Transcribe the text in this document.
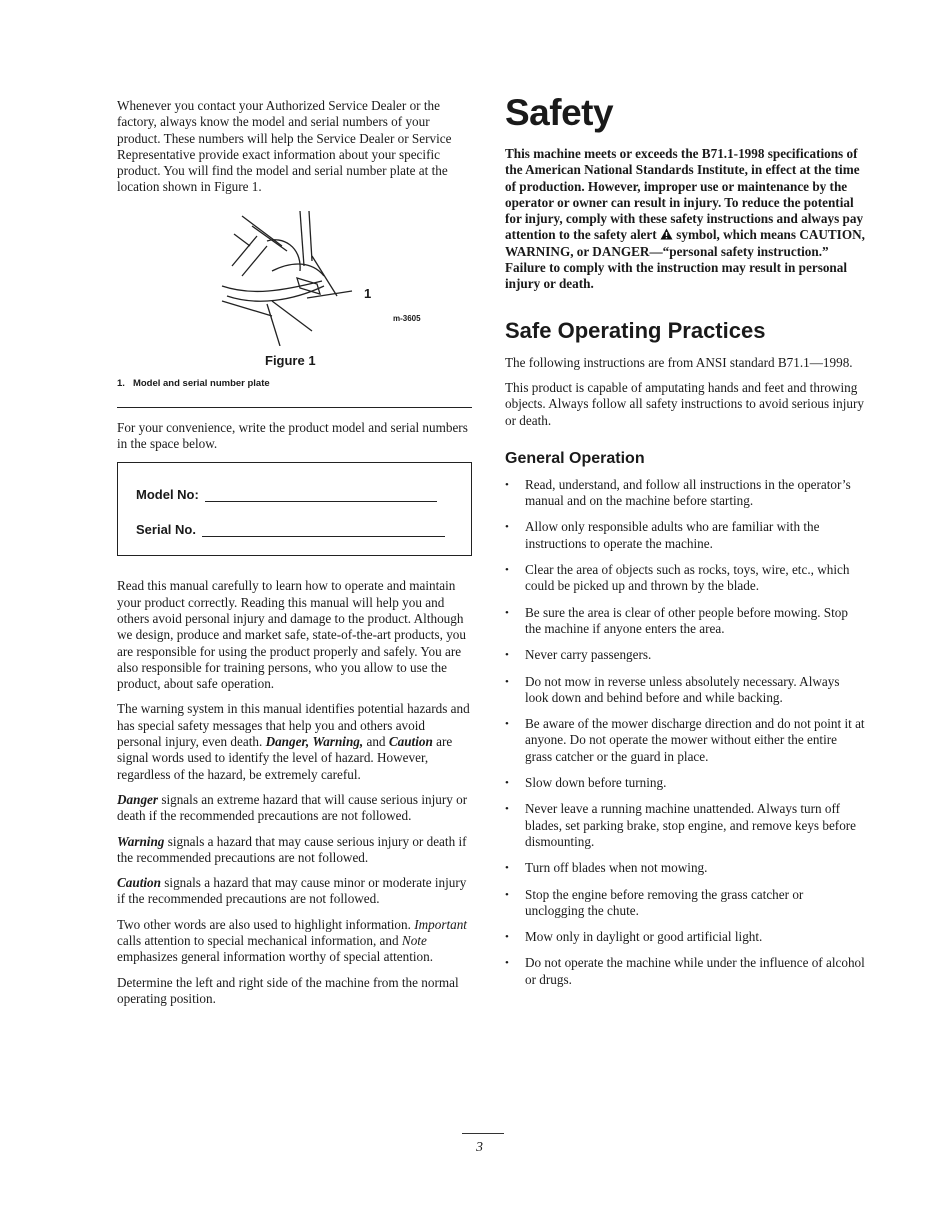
Whenever you contact your Authorized Service Dealer or the factory, always know the model and serial numbers of your product. These numbers will help the Service Dealer or Service Representative provide exact information about your specific product. You will find the model and serial number plate at the location shown in Figure 1.

1
m-3605
Figure 1
1. Model and serial number plate

For your convenience, write the product model and serial numbers in the space below.

Model No:
Serial No.

Read this manual carefully to learn how to operate and maintain your product correctly. Reading this manual will help you and others avoid personal injury and damage to the product. Although we design, produce and market safe, state-of-the-art products, you are responsible for using the product properly and safely. You are also responsible for training persons, who you allow to use the product, about safe operation.

The warning system in this manual identifies potential hazards and has special safety messages that help you and others avoid personal injury, even death. Danger, Warning, and Caution are signal words used to identify the level of hazard. However, regardless of the hazard, be extremely careful.

Danger signals an extreme hazard that will cause serious injury or death if the recommended precautions are not followed.

Warning signals a hazard that may cause serious injury or death if the recommended precautions are not followed.

Caution signals a hazard that may cause minor or moderate injury if the recommended precautions are not followed.

Two other words are also used to highlight information. Important calls attention to special mechanical information, and Note emphasizes general information worthy of special attention.

Determine the left and right side of the machine from the normal operating position.

Safety

This machine meets or exceeds the B71.1-1998 specifications of the American National Standards Institute, in effect at the time of production. However, improper use or maintenance by the operator or owner can result in injury. To reduce the potential for injury, comply with these safety instructions and always pay attention to the safety alert symbol, which means CAUTION, WARNING, or DANGER—“personal safety instruction.” Failure to comply with the instruction may result in personal injury or death.

Safe Operating Practices

The following instructions are from ANSI standard B71.1—1998.

This product is capable of amputating hands and feet and throwing objects. Always follow all safety instructions to avoid serious injury or death.

General Operation
• Read, understand, and follow all instructions in the operator’s manual and on the machine before starting.
• Allow only responsible adults who are familiar with the instructions to operate the machine.
• Clear the area of objects such as rocks, toys, wire, etc., which could be picked up and thrown by the blade.
• Be sure the area is clear of other people before mowing. Stop the machine if anyone enters the area.
• Never carry passengers.
• Do not mow in reverse unless absolutely necessary. Always look down and behind before and while backing.
• Be aware of the mower discharge direction and do not point it at anyone. Do not operate the mower without either the entire grass catcher or the guard in place.
• Slow down before turning.
• Never leave a running machine unattended. Always turn off blades, set parking brake, stop engine, and remove keys before dismounting.
• Turn off blades when not mowing.
• Stop the engine before removing the grass catcher or unclogging the chute.
• Mow only in daylight or good artificial light.
• Do not operate the machine while under the influence of alcohol or drugs.
3
